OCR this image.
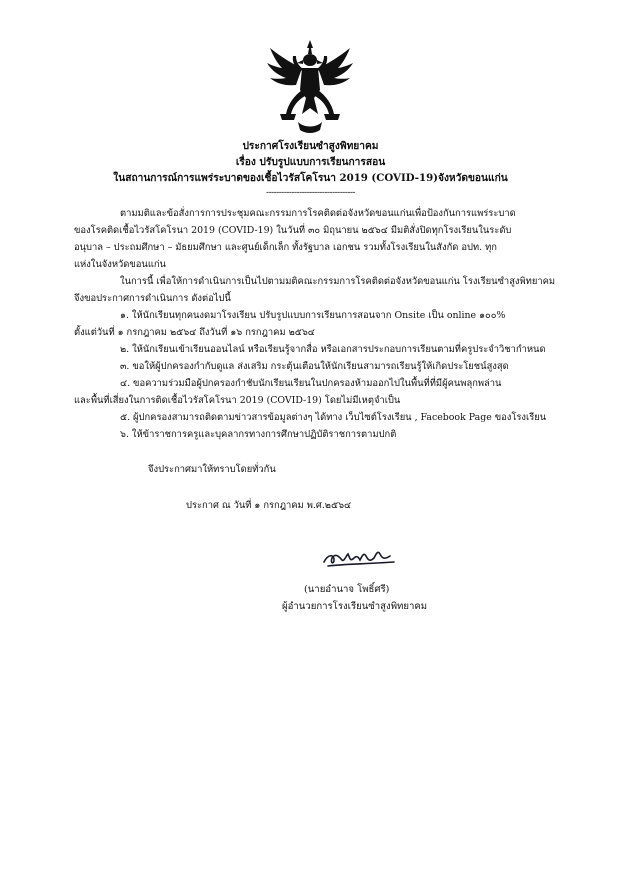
ประกาศโรงเรียนซำสูงพิทยาคม
เรื่อง ปรับรูปแบบการเรียนการสอน
ในสถานการณ์การแพร่ระบาดของเชื้อไวรัสโคโรนา 2019 (COVID-19)จังหวัดขอนแก่น
-----------------------------------
ตามมติและข้อสั่งการการประชุมคณะกรรมการโรคติดต่อจังหวัดขอนแก่นเพื่อป้องกันการแพร่ระบาด
ของโรคติดเชื้อไวรัสโคโรนา 2019 (COVID-19) ในวันที่ ๓๐ มิถุนายน ๒๕๖๔ มีมติสั่งปิดทุกโรงเรียนในระดับ
อนุบาล – ประถมศึกษา – มัธยมศึกษา และศูนย์เด็กเล็ก ทั้งรัฐบาล เอกชน รวมทั้งโรงเรียนในสังกัด อปท. ทุก
แห่งในจังหวัดขอนแก่น
ในการนี้ เพื่อให้การดำเนินการเป็นไปตามมติคณะกรรมการโรคติดต่อจังหวัดขอนแก่น โรงเรียนซำสูงพิทยาคม
จึงขอประกาศการดำเนินการ ดังต่อไปนี้
๑. ให้นักเรียนทุกคนงดมาโรงเรียน ปรับรูปแบบการเรียนการสอนจาก Onsite เป็น online ๑๐๐%
ตั้งแต่วันที่ ๑ กรกฎาคม ๒๕๖๔ ถึงวันที่ ๑๖ กรกฎาคม ๒๕๖๔
๒. ให้นักเรียนเข้าเรียนออนไลน์ หรือเรียนรู้จากสื่อ หรือเอกสารประกอบการเรียนตามที่ครูประจำวิชากำหนด
๓. ขอให้ผู้ปกครองกำกับดูแล ส่งเสริม กระตุ้นเตือนให้นักเรียนสามารถเรียนรู้ให้เกิดประโยชน์สูงสุด
๔. ขอความร่วมมือผู้ปกครองกำชับนักเรียนเรียนในปกครองห้ามออกไปในพื้นที่ที่มีผู้คนพลุกพล่าน
และพื้นที่เสี่ยงในการติดเชื้อไวรัสโคโรนา 2019 (COVID-19) โดยไม่มีเหตุจำเป็น
๕. ผู้ปกครองสามารถติดตามข่าวสารข้อมูลต่างๆ ได้ทาง เว็บไซต์โรงเรียน , Facebook Page ของโรงเรียน
๖. ให้ข้าราชการครูและบุคลากรทางการศึกษาปฏิบัติราชการตามปกติ
จึงประกาศมาให้ทราบโดยทั่วกัน
ประกาศ ณ วันที่ ๑ กรกฎาคม พ.ศ.๒๕๖๔
(นายอำนาจ โพธิ์ศรี)
ผู้อำนวยการโรงเรียนซำสูงพิทยาคม
